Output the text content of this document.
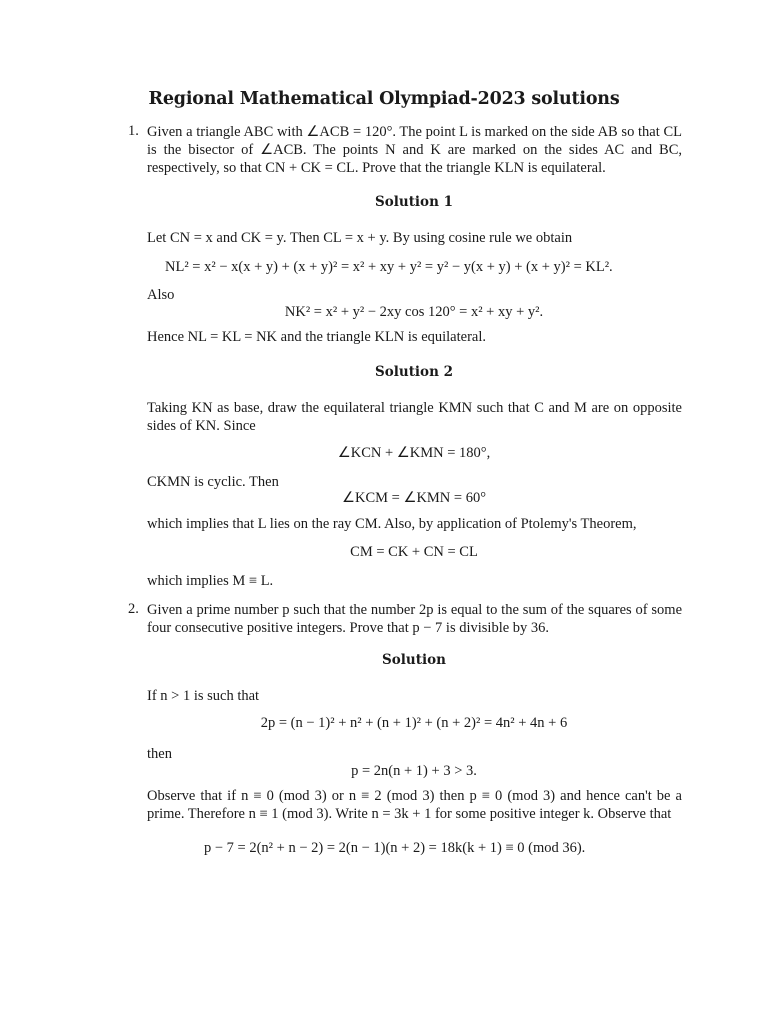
Regional Mathematical Olympiad-2023 solutions
1. Given a triangle ABC with ∠ACB = 120°. The point L is marked on the side AB so that CL is the bisector of ∠ACB. The points N and K are marked on the sides AC and BC, respectively, so that CN + CK = CL. Prove that the triangle KLN is equilateral.
Solution 1
Let CN = x and CK = y. Then CL = x + y. By using cosine rule we obtain
NL² = x² − x(x + y) + (x + y)² = x² + xy + y² = y² − y(x + y) + (x + y)² = KL².
Also
NK² = x² + y² − 2xy cos 120° = x² + xy + y².
Hence NL = KL = NK and the triangle KLN is equilateral.
Solution 2
Taking KN as base, draw the equilateral triangle KMN such that C and M are on opposite sides of KN. Since
∠KCN + ∠KMN = 180°,
CKMN is cyclic. Then
∠KCM = ∠KMN = 60°
which implies that L lies on the ray CM. Also, by application of Ptolemy's Theorem,
CM = CK + CN = CL
which implies M ≡ L.
2. Given a prime number p such that the number 2p is equal to the sum of the squares of some four consecutive positive integers. Prove that p − 7 is divisible by 36.
Solution
If n > 1 is such that
2p = (n − 1)² + n² + (n + 1)² + (n + 2)² = 4n² + 4n + 6
then
p = 2n(n + 1) + 3 > 3.
Observe that if n ≡ 0 (mod 3) or n ≡ 2 (mod 3) then p ≡ 0 (mod 3) and hence can't be a prime. Therefore n ≡ 1 (mod 3). Write n = 3k + 1 for some positive integer k. Observe that
p − 7 = 2(n² + n − 2) = 2(n − 1)(n + 2) = 18k(k + 1) ≡ 0 (mod 36).
